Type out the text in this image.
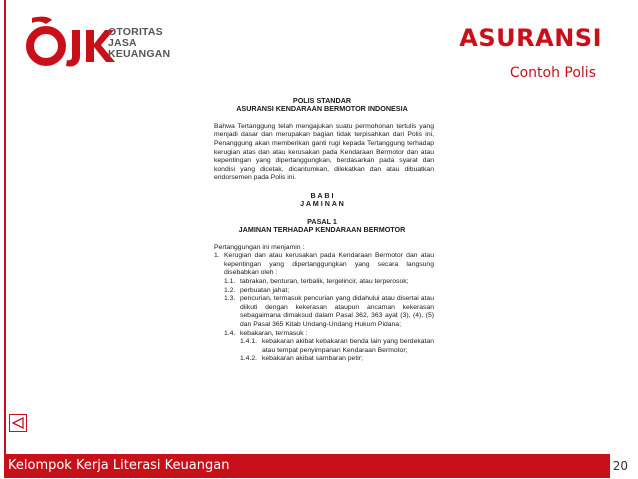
OTORITAS
JASA
KEUANGAN
ASURANSI
Contoh Polis
POLIS STANDAR
ASURANSI KENDARAAN BERMOTOR INDONESIA
Bahwa Tertanggung telah mengajukan suatu permohonan tertulis yang menjadi dasar dan merupakan bagian tidak terpisahkan dari Polis ini, Penanggung akan memberikan ganti rugi kepada Tertanggung terhadap kerugian atas dan atau kerusakan pada Kendaraan Bermotor dan atau kepentingan yang dipertanggungkan, berdasarkan pada syarat dan kondisi yang dicetak, dicantumkan, dilekatkan dan atau dibuatkan endorsemen pada Polis ini.
B A B I
J A M I N A N
PASAL 1
JAMINAN TERHADAP KENDARAAN BERMOTOR
Pertanggungan ini menjamin :
1. Kerugian dan atau kerusakan pada Kendaraan Bermotor dan atau kepentingan yang dipertanggungkan yang secara langsung disebabkan oleh :
1.1. tabrakan, benturan, terbalik, tergelincir, atau terperosok;
1.2. perbuatan jahat;
1.3. pencurian, termasuk pencurian yang didahului atau disertai atau diikuti dengan kekerasan ataupun ancaman kekerasan sebagaimana dimaksud dalam Pasal 362, 363 ayat (3), (4), (5) dan Pasal 365 Kitab Undang-Undang Hukum Pidana;
1.4. kebakaran, termasuk :
1.4.1. kebakaran akibat kebakaran benda lain yang berdekatan atau tempat penyimpanan Kendaraan Bermotor;
1.4.2. kebakaran akibat sambaran petir;
Kelompok Kerja Literasi Keuangan	20
